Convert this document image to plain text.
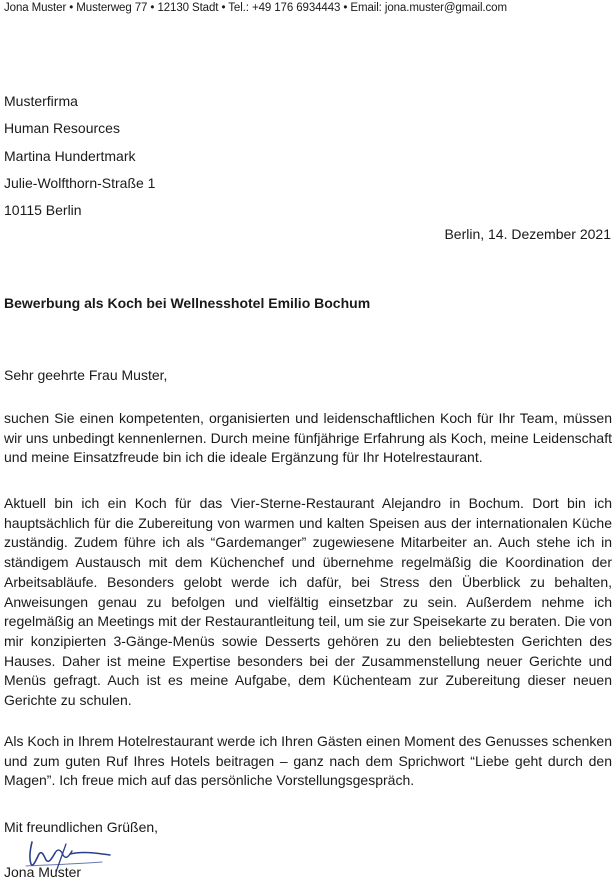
Jona Muster • Musterweg 77 • 12130 Stadt • Tel.: +49 176 6934443 • Email: jona.muster@gmail.com
Musterfirma
Human Resources
Martina Hundertmark
Julie-Wolfthorn-Straße 1
10115 Berlin
Berlin, 14. Dezember 2021
Bewerbung als Koch bei Wellnesshotel Emilio Bochum
Sehr geehrte Frau Muster,

suchen Sie einen kompetenten, organisierten und leidenschaftlichen Koch für Ihr Team, müssen wir uns unbedingt kennenlernen. Durch meine fünfjährige Erfahrung als Koch, meine Leidenschaft und meine Einsatzfreude bin ich die ideale Ergänzung für Ihr Hotelrestaurant.

Aktuell bin ich ein Koch für das Vier-Sterne-Restaurant Alejandro in Bochum. Dort bin ich hauptsächlich für die Zubereitung von warmen und kalten Speisen aus der internationalen Küche zuständig. Zudem führe ich als “Gardemanger” zugewiesene Mitarbeiter an. Auch stehe ich in ständigem Austausch mit dem Küchenchef und übernehme regelmäßig die Koordination der Arbeitsabläufe. Besonders gelobt werde ich dafür, bei Stress den Überblick zu behalten, Anweisungen genau zu befolgen und vielfältig einsetzbar zu sein. Außerdem nehme ich regelmäßig an Meetings mit der Restaurantleitung teil, um sie zur Speisekarte zu beraten. Die von mir konzipierten 3-Gänge-Menüs sowie Desserts gehören zu den beliebtesten Gerichten des Hauses. Daher ist meine Expertise besonders bei der Zusammenstellung neuer Gerichte und Menüs gefragt. Auch ist es meine Aufgabe, dem Küchenteam zur Zubereitung dieser neuen Gerichte zu schulen.

Als Koch in Ihrem Hotelrestaurant werde ich Ihren Gästen einen Moment des Genusses schenken und zum guten Ruf Ihres Hotels beitragen – ganz nach dem Sprichwort “Liebe geht durch den Magen”. Ich freue mich auf das persönliche Vorstellungsgespräch.

Mit freundlichen Grüßen,
Jona Muster
